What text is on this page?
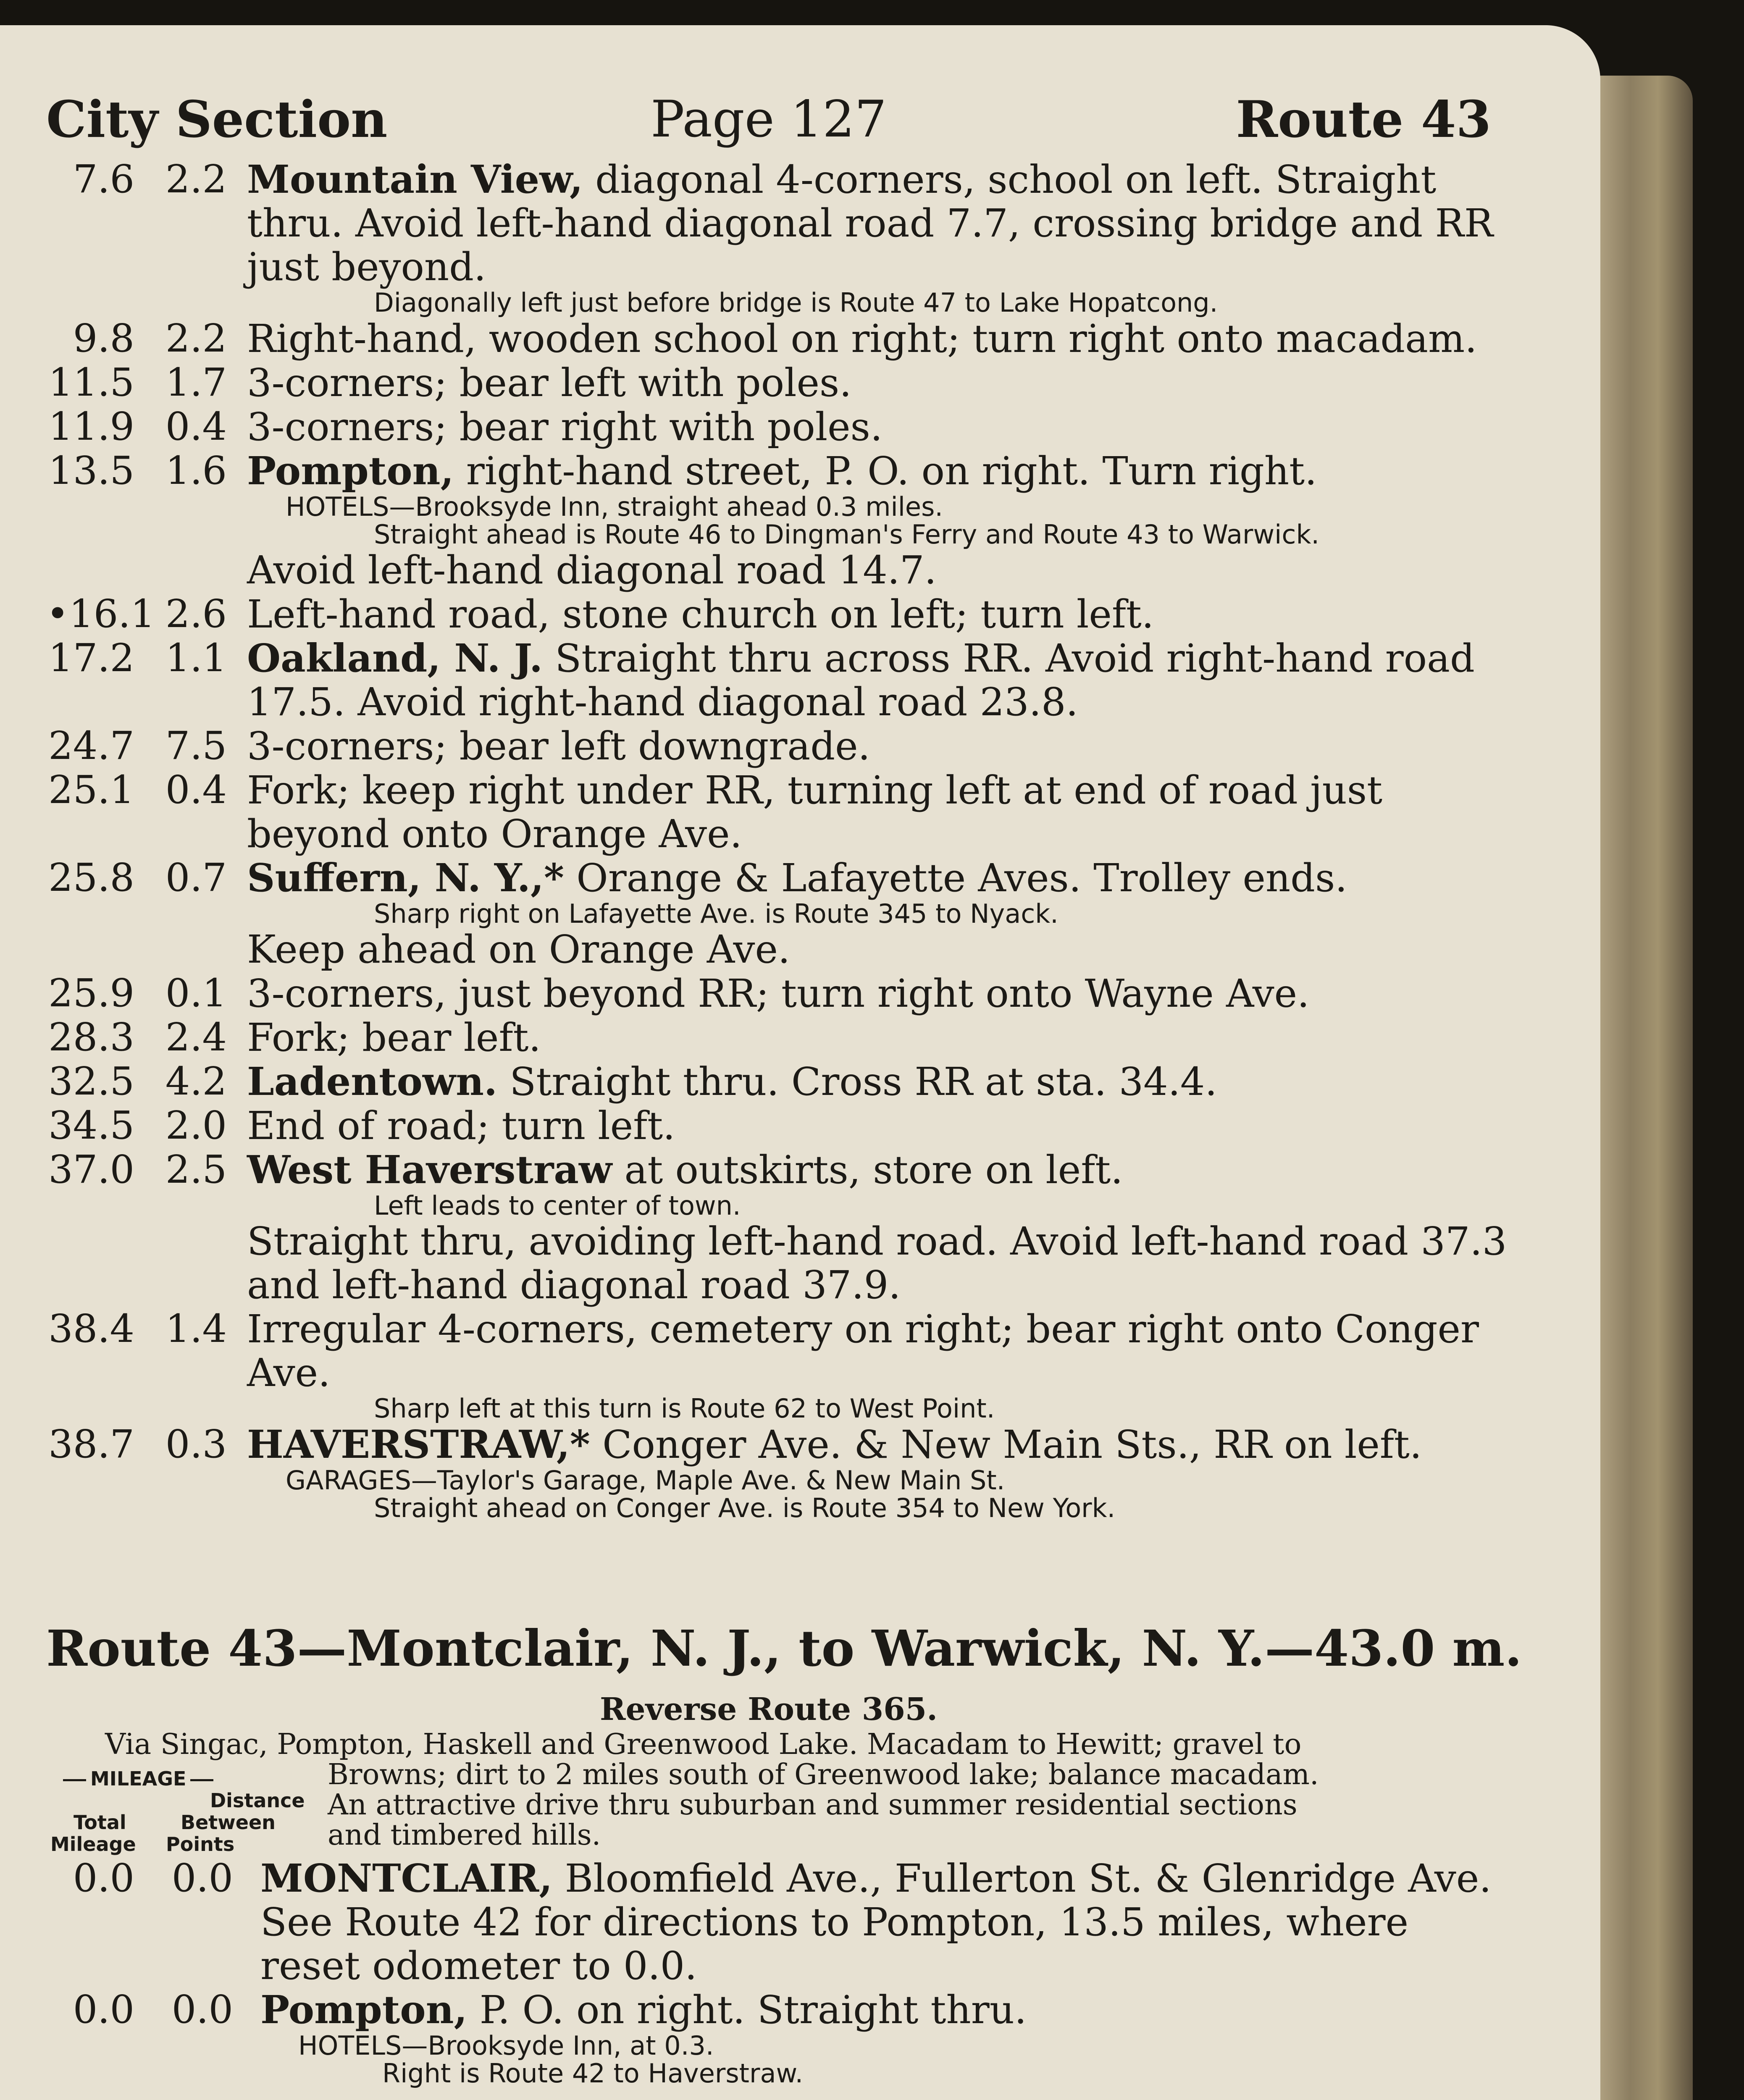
Page 127
City Section	Route 43
7.6 2.2 Mountain View, diagonal 4-corners, school on left. Straight thru. Avoid left-hand diagonal road 7.7, crossing bridge and RR just beyond.
Diagonally left just before bridge is Route 47 to Lake Hopatcong.
9.8 2.2 Right-hand, wooden school on right; turn right onto macadam.
11.5 1.7 3-corners; bear left with poles.
11.9 0.4 3-corners; bear right with poles.
13.5 1.6 Pompton, right-hand street, P. O. on right. Turn right.
HOTELS—Brooksyde Inn, straight ahead 0.3 miles.
Straight ahead is Route 46 to Dingman's Ferry and Route 43 to Warwick.
Avoid left-hand diagonal road 14.7.
•16.1 2.6 Left-hand road, stone church on left; turn left.
17.2 1.1 Oakland, N. J. Straight thru across RR. Avoid right-hand road 17.5. Avoid right-hand diagonal road 23.8.
24.7 7.5 3-corners; bear left downgrade.
25.1 0.4 Fork; keep right under RR, turning left at end of road just beyond onto Orange Ave.
25.8 0.7 Suffern, N. Y.,* Orange & Lafayette Aves. Trolley ends.
Sharp right on Lafayette Ave. is Route 345 to Nyack.
Keep ahead on Orange Ave.
25.9 0.1 3-corners, just beyond RR; turn right onto Wayne Ave.
28.3 2.4 Fork; bear left.
32.5 4.2 Ladentown. Straight thru. Cross RR at sta. 34.4.
34.5 2.0 End of road; turn left.
37.0 2.5 West Haverstraw at outskirts, store on left.
Left leads to center of town.
Straight thru, avoiding left-hand road. Avoid left-hand road 37.3 and left-hand diagonal road 37.9.
38.4 1.4 Irregular 4-corners, cemetery on right; bear right onto Conger Ave.
Sharp left at this turn is Route 62 to West Point.
38.7 0.3 HAVERSTRAW,* Conger Ave. & New Main Sts., RR on left.
GARAGES—Taylor's Garage, Maple Ave. & New Main St.
Straight ahead on Conger Ave. is Route 354 to New York.
Route 43—Montclair, N. J., to Warwick, N. Y.—43.0 m.
Reverse Route 365.
Via Singac, Pompton, Haskell and Greenwood Lake. Macadam to Hewitt; gravel to
Browns; dirt to 2 miles south of Greenwood lake; balance macadam.
An attractive drive thru suburban and summer residential sections
and timbered hills.
MILEAGE
Distance
Total	Between
Mileage Points
0.0 0.0 MONTCLAIR, Bloomfield Ave., Fullerton St. & Glenridge Ave. See Route 42 for directions to Pompton, 13.5 miles, where reset odometer to 0.0.
0.0 0.0 Pompton, P. O. on right. Straight thru.
HOTELS—Brooksyde Inn, at 0.3.
Right is Route 42 to Haverstraw.
